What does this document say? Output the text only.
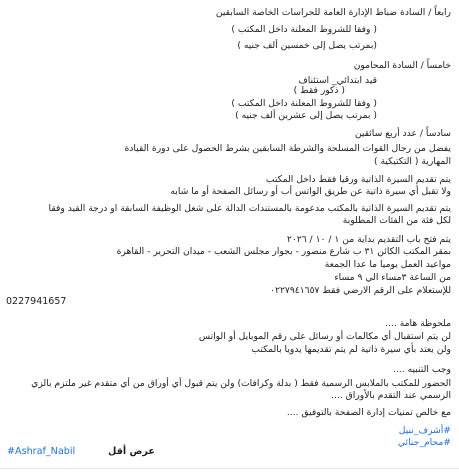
رابعاً / السادة ضباط الإدارة العامة للحراسات الخاصة السابقين
( وفقا للشروط المعلنة داخل المكتب )
(بمرتب يصل إلى خمسين ألف جنيه )
خامساً / السادة المحامون
قيد ابتدائي_ استئناف
( ذكور فقط )
( وفقا للشروط المعلنة داخل المكتب )
( بمرتب يصل إلى عشرين ألف جنيه )
سادساً / عدد أربع سائقين
يفضل من رجال القوات المسلحة والشرطة السابقين بشرط الحصول على دورة القيادة
المهارية ( التكتيكية )
يتم تقديم السيرة الذاتية ورقيا فقط داخل المكتب
ولا تقبل أي سيرة ذاتية عن طريق الواتس أب أو رسائل الصفحة أو ما شابه
يتم تقديم السيرة الذاتية بالمكتب مدعومة بالمستندات الدالة على شغل الوظيفة السابقة او درجة القيد وفقا
لكل فئة من الفئات المطلوبة
يتم فتح باب التقديم بداية من ١ / ١٠ / ٢٠٢٦
بمقر المكتب الكائن ٣١ ب شارع منصور - بجوار مجلس الشعب - ميدان التحرير - القاهرة
مواعيد العمل يوميا ما عدا الجمعة
من الساعة ٣مساء الي ٩ مساء
للإستعلام على الرقم الارضي فقط ٠٢٢٧٩٤١٦٥٧
0227941657
ملحوظة هامة ....
لن يتم استقبال أي مكالمات أو رسائل على رقم الموبايل أو الواتس
ولن يعتد بأي سيرة ذاتية لم يتم تقديمها يدويا بالمكتب
وجب التنبيه ....
الحضور للمكتب بالملابس الرسمية فقط ( بدلة وكرافات) ولن يتم قبول أي أوراق من أي متقدم غير ملتزم بالزي
الرسمي عند التقدم بالأوراق ....
مع خالص تمنيات إدارة الصفحة بالتوفيق ....
#أشرف_نبيل
#محام_جنائي
#Ashraf_Nabil	عرض أقل
